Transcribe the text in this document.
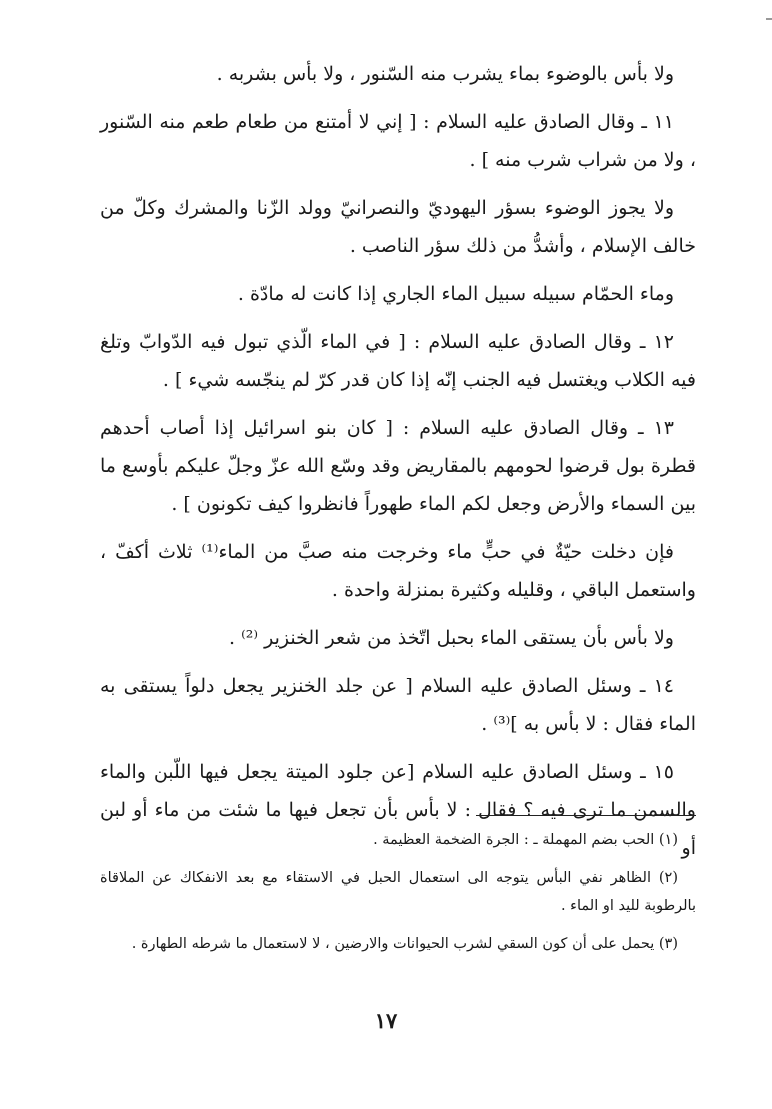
ولا بأس بالوضوء بماء يشرب منه السّنور ، ولا بأس بشربه .

١١ ـ وقال الصادق عليه السلام : [ إني لا أمتنع من طعام طعم منه السّنور ، ولا من شراب شرب منه ] .

ولا يجوز الوضوء بسؤر اليهوديّ والنصرانيّ وولد الزّنا والمشرك وكلّ من خالف الإسلام ، وأشدُّ من ذلك سؤر الناصب .

وماء الحمّام سبيله سبيل الماء الجاري إذا كانت له مادّة .

١٢ ـ وقال الصادق عليه السلام : [ في الماء الّذي تبول فيه الدّوابّ وتلغ فيه الكلاب ويغتسل فيه الجنب إنّه إذا كان قدر كرّ لم ينجّسه شيء ] .

١٣ ـ وقال الصادق عليه السلام : [ كان بنو اسرائيل إذا أصاب أحدهم قطرة بول قرضوا لحومهم بالمقاريض وقد وسّع الله عزّ وجلّ عليكم بأوسع ما بين السماء والأرض وجعل لكم الماء طهوراً فانظروا كيف تكونون ] .

فإن دخلت حيّةٌ في حبٍّ ماء وخرجت منه صبَّ من الماء⁽¹⁾ ثلاث أكفّ ، واستعمل الباقي ، وقليله وكثيرة بمنزلة واحدة .

ولا بأس بأن يستقى الماء بحبل اتّخذ من شعر الخنزير ⁽²⁾ .

١٤ ـ وسئل الصادق عليه السلام [ عن جلد الخنزير يجعل دلواً يستقى به الماء فقال : لا بأس به ]⁽³⁾ .

١٥ ـ وسئل الصادق عليه السلام [عن جلود الميتة يجعل فيها اللّبن والماء والسمن ما ترى فيه ؟ فقال : لا بأس بأن تجعل فيها ما شئت من ماء أو لبن أو

(١) الحب بضم المهملة ـ : الجرة الضخمة العظيمة .

(٢) الظاهر نفي البأس يتوجه الى استعمال الحبل في الاستقاء مع بعد الانفكاك عن الملاقاة بالرطوبة لليد او الماء .

(٣) يحمل على أن كون السقي لشرب الحيوانات والارضين ، لا لاستعمال ما شرطه الطهارة .

١٧
